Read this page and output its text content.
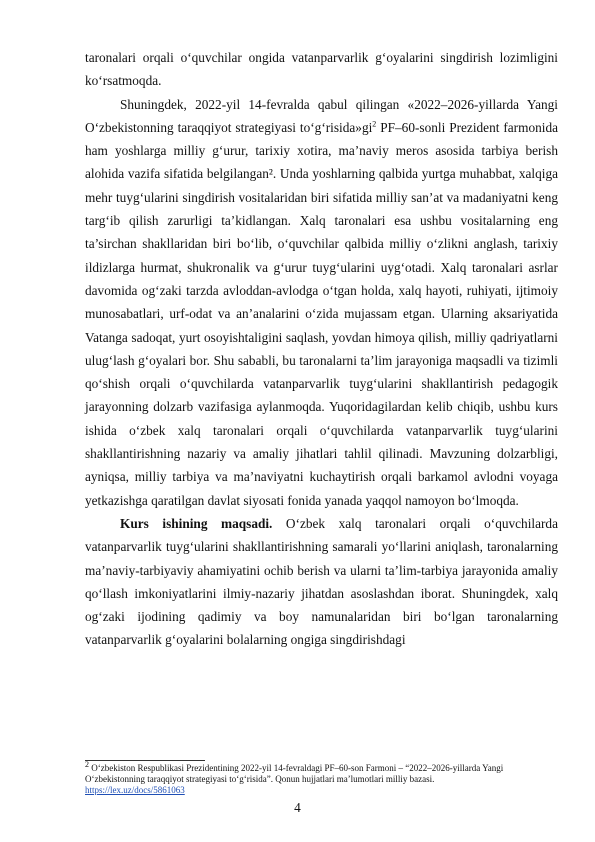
taronalari orqali o‘quvchilar ongida vatanparvarlik g‘oyalarini singdirish lozimligini ko‘rsatmoqda.

Shuningdek, 2022-yil 14-fevralda qabul qilingan «2022–2026-yillarda Yangi O‘zbekistonning taraqqiyot strategiyasi $to‘g‘risida»gi^2$ PF–60-sonli Prezident farmonida ham yoshlarga milliy g‘urur, tarixiy xotira, ma’naviy meros asosida tarbiya berish alohida vazifa sifatida belgilangan². Unda yoshlarning qalbida yurtga muhabbat, xalqiga mehr tuyg‘ularini singdirish vositalaridan biri sifatida milliy san’at va madaniyatni keng targ‘ib qilish zarurligi ta’kidlangan. Xalq taronalari esa ushbu vositalarning eng ta’sirchan shakllaridan biri bo‘lib, o‘quvchilar qalbida milliy o‘zlikni anglash, tarixiy ildizlarga hurmat, shukronalik va g‘urur tuyg‘ularini uyg‘otadi. Xalq taronalari asrlar davomida og‘zaki tarzda avloddan-avlodga o‘tgan holda, xalq hayoti, ruhiyati, ijtimoiy munosabatlari, urf-odat va an’analarini o‘zida mujassam etgan. Ularning aksariyatida Vatanga sadoqat, yurt osoyishtaligini saqlash, yovdan himoya qilish, milliy qadriyatlarni ulug‘lash g‘oyalari bor. Shu sababli, bu taronalarni ta’lim jarayoniga maqsadli va tizimli qo‘shish orqali o‘quvchilarda vatanparvarlik tuyg‘ularini shakllantirish pedagogik jarayonning dolzarb vazifasiga aylanmoqda. Yuqoridagilardan kelib chiqib, ushbu kurs ishida o‘zbek xalq taronalari orqali o‘quvchilarda vatanparvarlik tuyg‘ularini shakllantirishning nazariy va amaliy jihatlari tahlil qilinadi. Mavzuning dolzarbligi, ayniqsa, milliy tarbiya va ma’naviyatni kuchaytirish orqali barkamol avlodni voyaga yetkazishga qaratilgan davlat siyosati fonida yanada yaqqol namoyon bo‘lmoqda.

Kurs ishining maqsadi. O‘zbek xalq taronalari orqali o‘quvchilarda vatanparvarlik tuyg‘ularini shakllantirishning samarali yo‘llarini aniqlash, taronalarning ma’naviy-tarbiyaviy ahamiyatini ochib berish va ularni ta’lim-tarbiya jarayonida amaliy qo‘llash imkoniyatlarini ilmiy-nazariy jihatdan asoslashdan iborat. Shuningdek, xalq og‘zaki ijodining qadimiy va boy namunalaridan biri bo‘lgan taronalarning vatanparvarlik g‘oyalarini bolalarning ongiga singdirishdagi

$^2$ O‘zbekiston Respublikasi Prezidentining 2022-yil 14-fevraldagi PF–60-son Farmoni – “2022–2026-yillarda Yangi O‘zbekistonning taraqqiyot strategiyasi to‘g‘risida”. Qonun hujjatlari ma’lumotlari milliy bazasi.
https://lex.uz/docs/5861063
4
